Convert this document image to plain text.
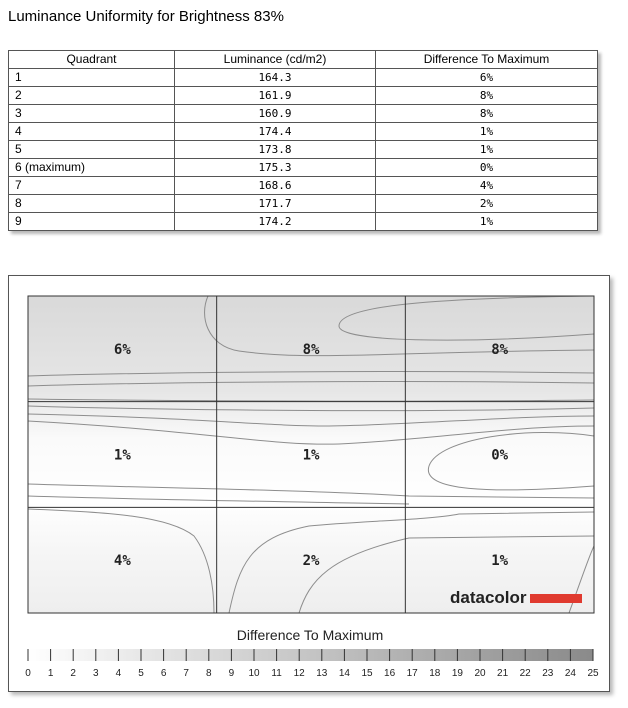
Luminance Uniformity for Brightness 83%
Quadrant	Luminance (cd/m2)	Difference To Maximum
1	164.3	6%
2	161.9	8%
3	160.9	8%
4	174.4	1%
5	173.8	1%
6 (maximum)	175.3	0%
7	168.6	4%
8	171.7	2%
9	174.2	1%
6%	8%	8%
1%	1%	0%
4%	2%	1%
datacolor
Difference To Maximum
0 1 2 3 4 5 6 7 8 9 10 11 12 13 14 15 16 17 18 19 20 21 22 23 24 25
